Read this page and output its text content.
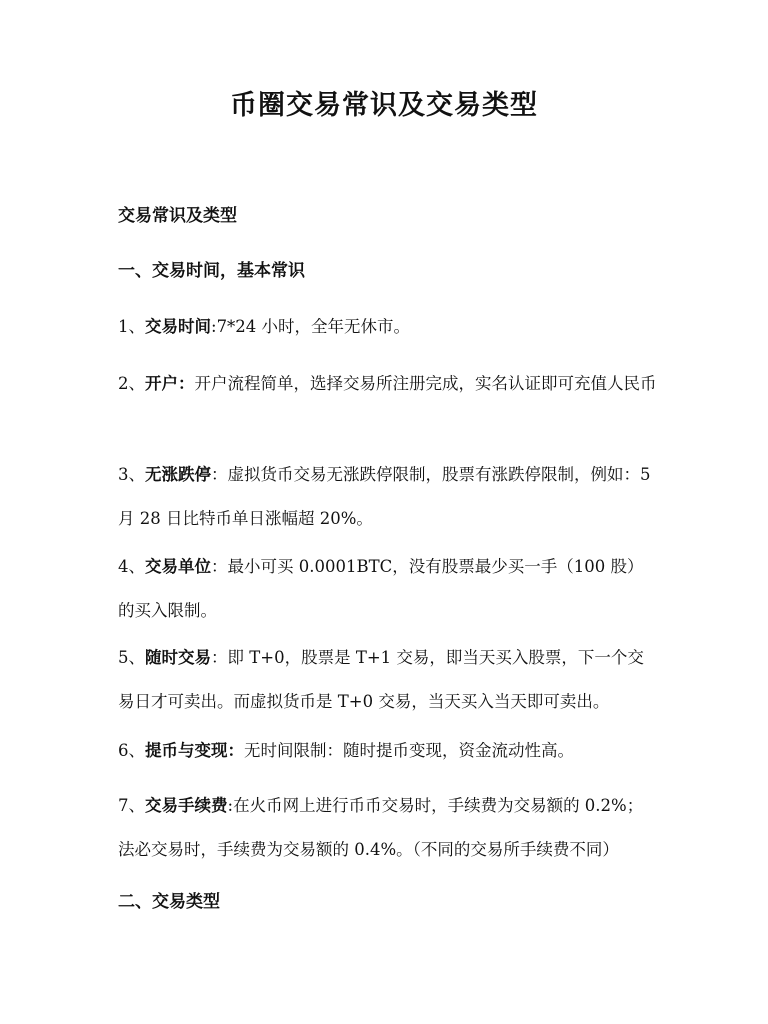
币圈交易常识及交易类型
交易常识及类型
一、交易时间，基本常识
1、交易时间:7*24 小时，全年无休市。
2、开户：开户流程简单，选择交易所注册完成，实名认证即可充值人民币
3、无涨跌停：虚拟货币交易无涨跌停限制，股票有涨跌停限制，例如：5 月 28 日比特币单日涨幅超 20%。
4、交易单位：最小可买 0.0001BTC，没有股票最少买一手（100 股）的买入限制。
5、随时交易：即 T+0，股票是 T+1 交易，即当天买入股票，下一个交易日才可卖出。而虚拟货币是 T+0 交易，当天买入当天即可卖出。
6、提币与变现：无时间限制：随时提币变现，资金流动性高。
7、交易手续费:在火币网上进行币币交易时，手续费为交易额的 0.2%；法必交易时，手续费为交易额的 0.4%。（不同的交易所手续费不同）
二、交易类型
